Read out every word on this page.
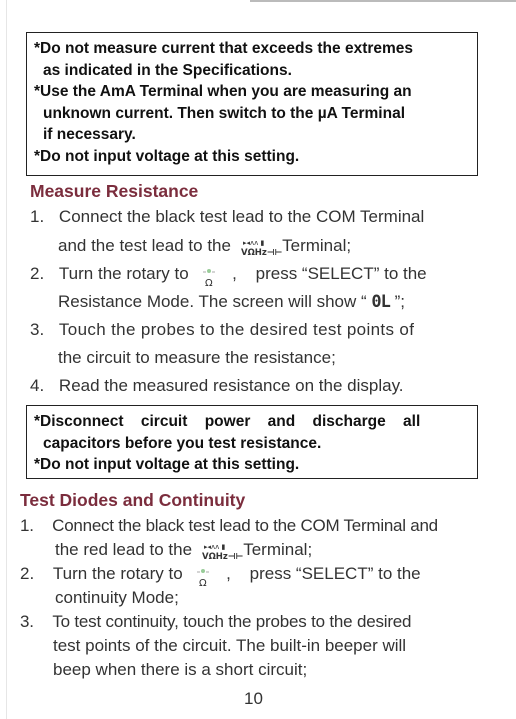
*Do not measure current that exceeds the extremes
as indicated in the Specifications.
*Use the AmA Terminal when you are measuring an
unknown current. Then switch to the µA Terminal
if necessary.
*Do not input voltage at this setting.
Measure Resistance
1. Connect the black test lead to the COM Terminal
and the test lead to the ▸◂ᴧᴧ ▮
VΩHz⊣⊢ Terminal;
2. Turn the rotary to
Ω
, press “SELECT” to the
Resistance Mode. The screen will show “ 0L ”;
3. Touch the probes to the desired test points of
the circuit to measure the resistance;
4. Read the measured resistance on the display.
*Disconnect circuit power and discharge all
capacitors before you test resistance.
*Do not input voltage at this setting.
Test Diodes and Continuity
1. Connect the black test lead to the COM Terminal and
the red lead to the ▸◂ᴧᴧ ▮
VΩHz⊣⊢ Terminal;
2. Turn the rotary to
Ω
, press “SELECT” to the
continuity Mode;
3. To test continuity, touch the probes to the desired
test points of the circuit. The built-in beeper will
beep when there is a short circuit;
10
